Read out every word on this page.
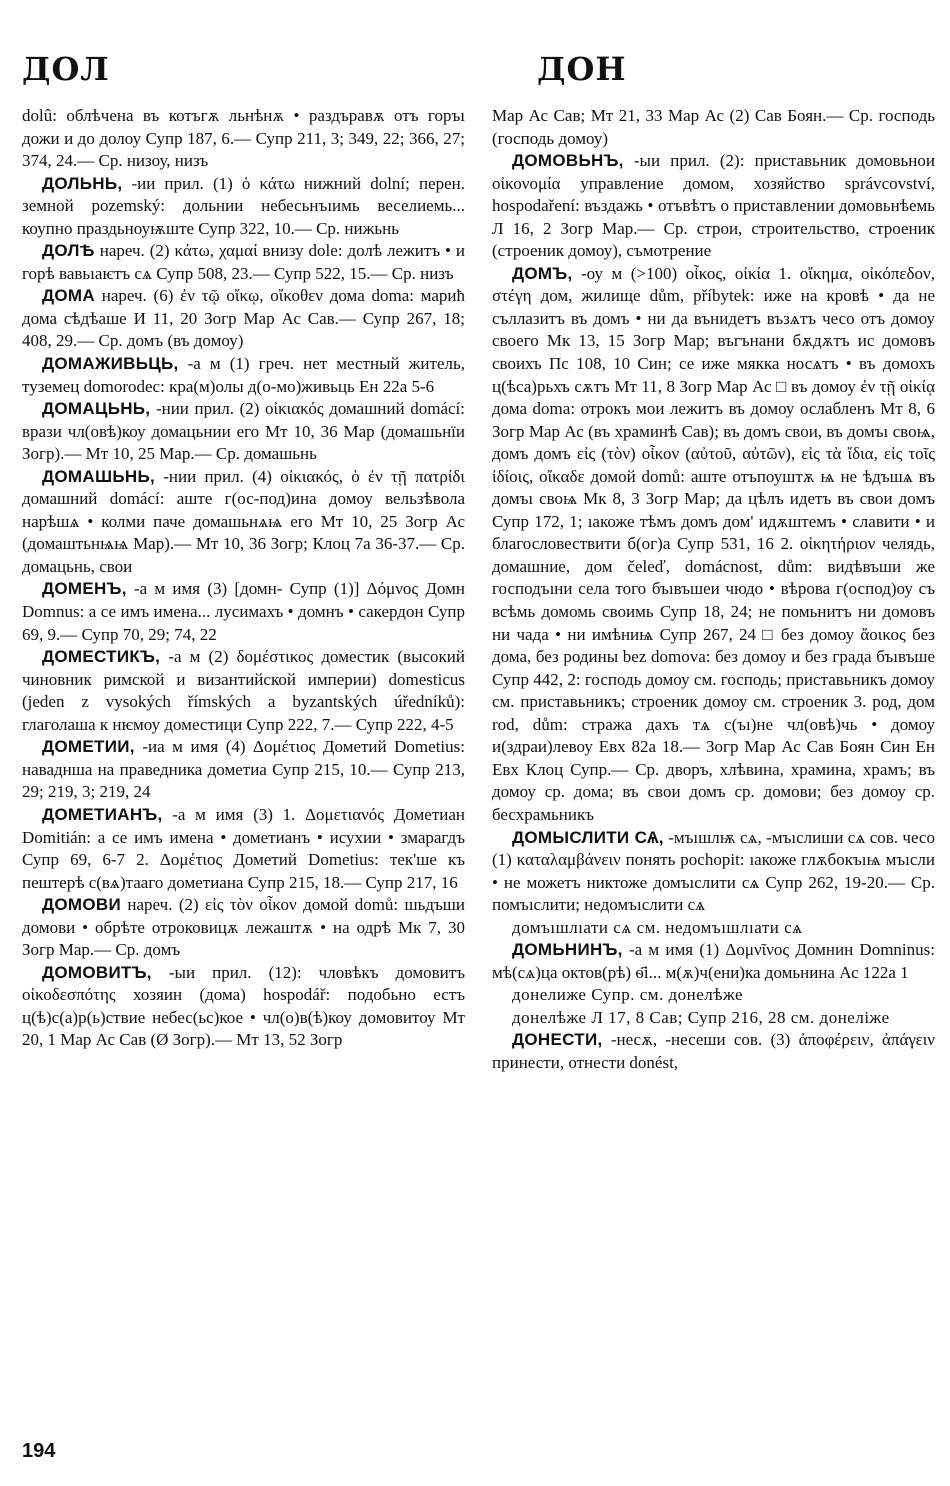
ДОЛ	ДОН

dolû: облѣчена въ котъгѫ льнѣнѫ • раздъравѫ отъ горъı дожи и до долоу Супр 187, 6.— Супр 211, 3; 349, 22; 366, 27; 374, 24.— Ср. низоу, низъ

ДОЛЬНЬ, -ии прил. (1) ὁ κάτω нижний dolní; перен. земной pozemský: дольнии небесьнъıимь веселиемь... коупно праздьноуѭште Супр 322, 10.— Ср. нижьнь

ДОЛѢ нареч. (2) κάτω, χαμαί внизу dole: долѣ лежитъ • и горѣ вавьıаѥтъ сѧ Супр 508, 23.— Супр 522, 15.— Ср. низъ

ДОМА нареч. (6) ἐν τῷ οἴκῳ, οἴκοθεν дома doma: марић дома сѣдѣаше И 11, 20 Зогр Мар Ас Сав.— Супр 267, 18; 408, 29.— Ср. домъ (въ домоу)

ДОМАЖИВЬЦЬ, -а м (1) греч. нет местный житель, туземец domorodec: кра(м)олы д(о-мо)живьць Ен 22а 5-6

ДОМАЦЬНЬ, -нии прил. (2) οἰκιακός домашний domácí: врази чл(овѣ)коу домацьнии его Мт 10, 36 Мар (домашьнїи Зогр).— Мт 10, 25 Мар.— Ср. домашьнь

ДОМАШЬНЬ, -нии прил. (4) οἰκιακός, ὁ ἐν τῇ πατρίδι домашний domácí: аште г(ос-под)ина домоу вельзѣвола нарѣшѧ • колми паче домашьнѧѩ его Мт 10, 25 Зогр Ас (домаштьнѩѩ Мар).— Мт 10, 36 Зогр; Клоц 7а 36-37.— Ср. домацьнь, свои

ДОМЕНЪ, -а м имя (3) [домн- Супр (1)] Δόμνος Домн Domnus: а се имъ имена... лусимахъ • домнъ • сакердон Супр 69, 9.— Супр 70, 29; 74, 22

ДОМЕСТИКЪ, -а м (2) δομέστικος доместик (высокий чиновник римской и византийской империи) domesticus (jeden z vysokých římských a byzantských úředníků): глаголаша к нѥмоу доместици Супр 222, 7.— Супр 222, 4-5

ДОМЕТИИ, -иа м имя (4) Δομέτιος Дометий Dometius: наваднша на праведника дометиа Супр 215, 10.— Супр 213, 29; 219, 3; 219, 24

ДОМЕТИАНЪ, -а м имя (3) 1. Δομετιανός Дометиан Domitián: а се имъ имена • дометианъ • исухии • змарагдъ Супр 69, 6-7 2. Δομέτιος Дометий Dometius: тек'ше къ пештерѣ с(вѧ)тааго дометиана Супр 215, 18.— Супр 217, 16

ДОМОВИ нареч. (2) εἰς τὸν οἶκον домой domů: шьдъши домови • обрѣте отроковицѫ лежаштѫ • на одрѣ Мк 7, 30 Зогр Мар.— Ср. домъ

ДОМОВИТЪ, -ыи прил. (12): чловѣкъ домовитъ οἰκοδεσπότης хозяин (дома) hospodář: подобьно естъ ц(ѣ)с(а)р(ь)ствие небес(ьс)кое • чл(о)в(ѣ)коу домовитоу Мт 20, 1 Мар Ас Сав (Ø Зогр).— Мт 13, 52 Зогр

Мар Ас Сав; Мт 21, 33 Мар Ас (2) Сав Боян.— Ср. господь (господь домоу)

ДОМОВЬНЪ, -ыи прил. (2): приставьник домовьнои οἰκονομία управление домом, хозяйство správcovství, hospodaření: въздажь • отъвѣтъ о приставлении домовьнѣемь Л 16, 2 Зогр Мар.— Ср. строи, строительство, строеник (строеник домоу), съмотрение

ДОМЪ, -оу м (>100) οἶκος, οἰκία 1. οἴκημα, οἰκόπεδον, στέγη дом, жилище dům, příbytek: иже на кровѣ • да не съллазитъ въ домъ • ни да вънидетъ възѧтъ чесо отъ домоу своего Мк 13, 15 Зогр Мар; въгънани бѫдѫтъ ис домовъ своихъ Пс 108, 10 Син; се иже мякка носѧтъ • въ домохъ ц(ѣса)рьхъ сѫтъ Мт 11, 8 Зогр Мар Ас □ въ домоу ἐν τῇ οἰκίᾳ дома doma: отрокъ мои лежитъ въ домоу ослабленъ Мт 8, 6 Зогр Мар Ас (въ храминѣ Сав); въ домъ свои, въ домъı своѩ, домъ домъ εἰς (τὸν) οἶκον (αὐτοῦ, αὐτῶν), εἰς τὰ ἴδια, εἰς τοῖς ἰδίοις, οἴκαδε домой domů: аште отъпоуштѫ ѩ не ѣдъшѧ въ домъı своѩ Мк 8, 3 Зогр Мар; да цѣлъ идетъ въ свои домъ Супр 172, 1; ıакоже тѣмъ домъ дом' идѫштемъ • славити • и благословествити б(ог)а Супр 531, 16 2. οἰκητήριον челядь, домашние, дом čeleď, domácnost, dům: видѣвъши же господъıни села того бъıвъшеи чюдо • вѣрова г(оспод)оу съ всѣмь домомь своимь Супр 18, 24; не помьнитъ ни домовъ ни чада • ни имѣниѩ Супр 267, 24 □ без домоу ἄοικος без дома, без родины bez domova: без домоу и без града бъıвъше Супр 442, 2: господь домоу см. господь; приставьникъ домоу см. приставьникъ; строеник домоу см. строеник 3. род, дом rod, dům: стража дахъ тѧ с(ъı)не чл(овѣ)чь • домоу и(здраи)левоу Евх 82а 18.— Зогр Мар Ас Сав Боян Син Ен Евх Клоц Супр.— Ср. дворъ, хлѣвина, храмина, храмъ; въ домоу ср. дома; въ свои домъ ср. домови; без домоу ср. бесхрамьникъ

ДОМЫСЛИТИ СѦ, -мъıшлѭ сѧ, -мъıслиши сѧ сов. чесо (1) καταλαμβάνειν понять pochopit: ıакоже глѫбокъıѩ мъıсли • не можетъ никтоже домъıслити сѧ Супр 262, 19-20.— Ср. помъıслити; недомъıслити сѧ

домъıшлıати сѧ см. недомъıшлıати сѧ

ДОМЬНИНЪ, -а м имя (1) Δομνῖνος Домнин Domninus: мѣ(сѧ)ца октов(рѣ) ѳ҃i... м(ѫ)ч(ени)ка домьнина Ас 122а 1

донелиже Супр. см. донелѣже

донелѣже Л 17, 8 Сав; Супр 216, 28 см. донеліже

ДОНЕСТИ, -несѫ, -несеши сов. (3) ἀποφέρειν, ἀπάγειν принести, отнести donést,

194
